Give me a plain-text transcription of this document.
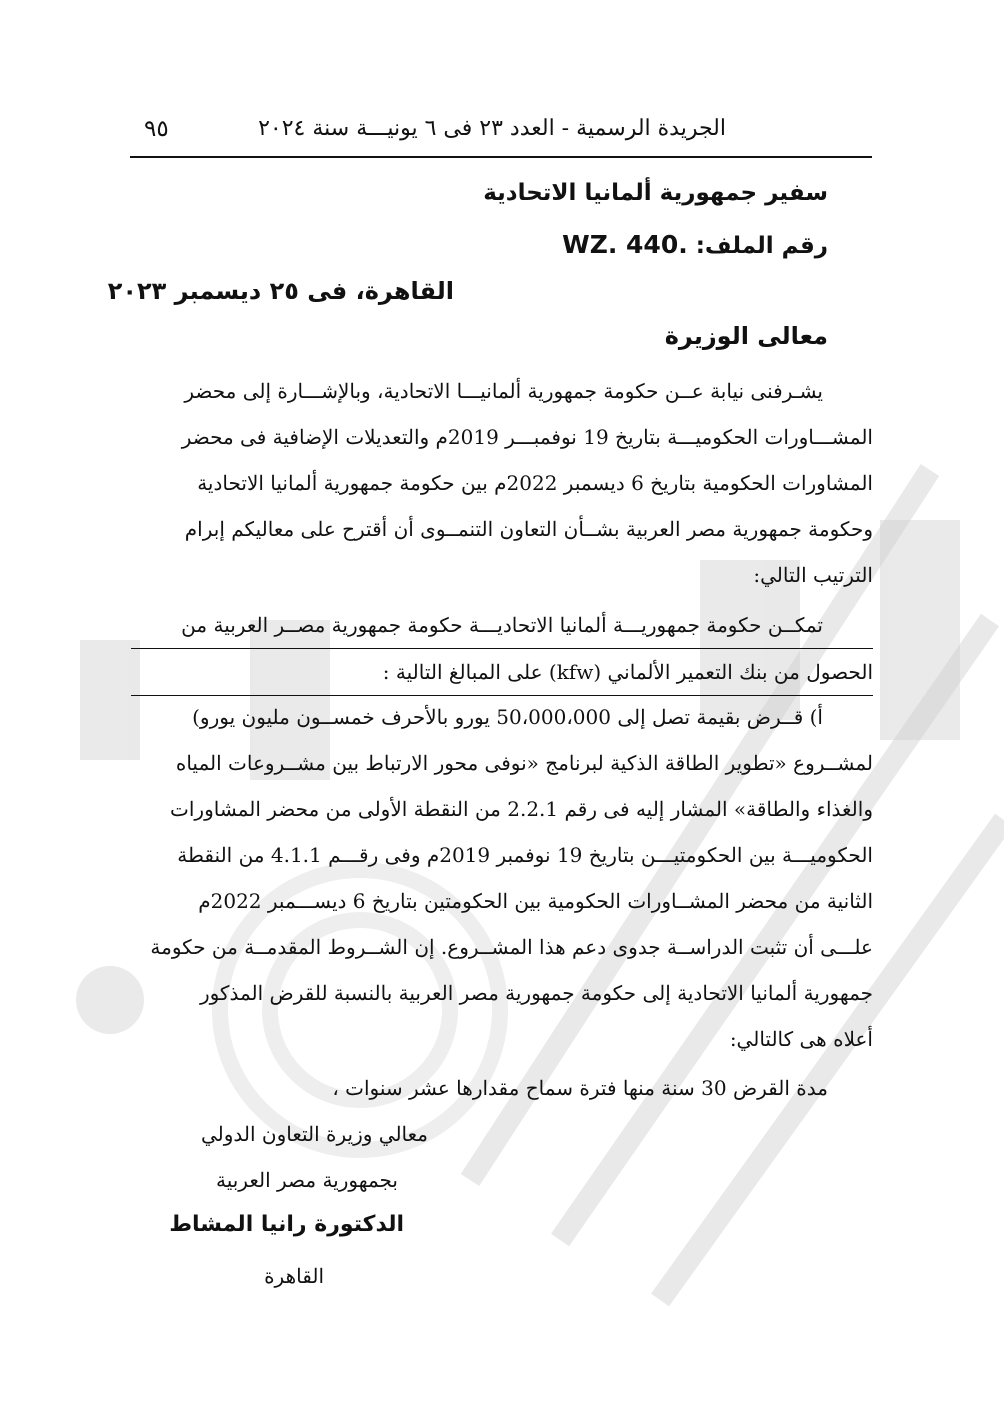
٩٥	الجريدة الرسمية - العدد ٢٣ فى ٦ يونيـــة سنة ٢٠٢٤
سفير جمهورية ألمانيا الاتحادية
رقم الملف: WZ. 440.
القاهرة، فى ٢٥ ديسمبر ٢٠٢٣
معالى الوزيرة
يشـرفنى نيابة عــن حكومة جمهورية ألمانيـــا الاتحادية، وبالإشـــارة إلى محضر
المشـــاورات الحكوميـــة بتاريخ 19 نوفمبـــر 2019م والتعديلات الإضافية فى محضر
المشاورات الحكومية بتاريخ 6 ديسمبر 2022م بين حكومة جمهورية ألمانيا الاتحادية
وحكومة جمهورية مصر العربية بشــأن التعاون التنمــوى أن أقترح على معاليكم إبرام
الترتيب التالي:
تمكــن حكومة جمهوريـــة ألمانيا الاتحاديـــة حكومة جمهورية مصــر العربية من
الحصول من بنك التعمير الألماني (kfw) على المبالغ التالية :
أ) قــرض بقيمة تصل إلى 50،000،000 يورو بالأحرف خمســون مليون يورو)
لمشــروع «تطوير الطاقة الذكية لبرنامج «نوفى محور الارتباط بين مشــروعات المياه
والغذاء والطاقة» المشار إليه فى رقم 2.2.1 من النقطة الأولى من محضر المشاورات
الحكوميـــة بين الحكومتيـــن بتاريخ 19 نوفمبر 2019م وفى رقـــم 4.1.1 من النقطة
الثانية من محضر المشــاورات الحكومية بين الحكومتين بتاريخ 6 ديســـمبر 2022م
علـــى أن تثبت الدراســة جدوى دعم هذا المشــروع. إن الشــروط المقدمــة من حكومة
جمهورية ألمانيا الاتحادية إلى حكومة جمهورية مصر العربية بالنسبة للقرض المذكور
أعلاه هى كالتالي:
مدة القرض 30 سنة منها فترة سماح مقدارها عشر سنوات ،
معالي وزيرة التعاون الدولي
بجمهورية مصر العربية
الدكتورة رانيا المشاط
القاهرة
